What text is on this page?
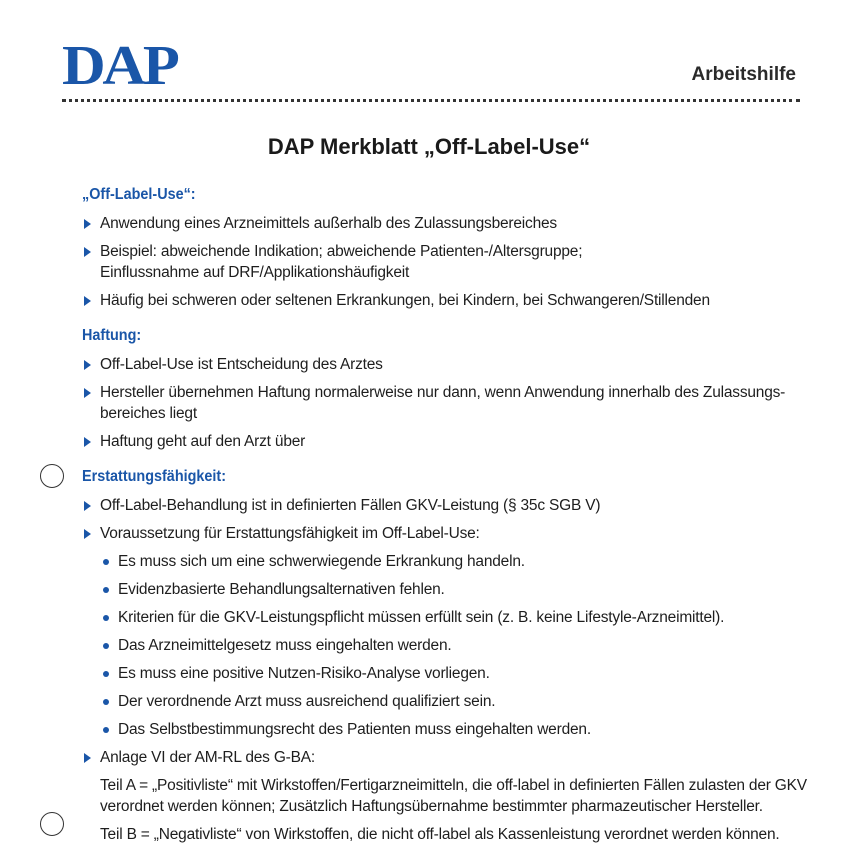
DAP	Arbeitshilfe
DAP Merkblatt „Off-Label-Use“
„Off-Label-Use“:
Anwendung eines Arzneimittels außerhalb des Zulassungsbereiches
Beispiel: abweichende Indikation; abweichende Patienten-/Altersgruppe;
Einflussnahme auf DRF/Applikationshäufigkeit
Häufig bei schweren oder seltenen Erkrankungen, bei Kindern, bei Schwangeren/Stillenden
Haftung:
Off-Label-Use ist Entscheidung des Arztes
Hersteller übernehmen Haftung normalerweise nur dann, wenn Anwendung innerhalb des Zulassungs-
bereiches liegt
Haftung geht auf den Arzt über
Erstattungsfähigkeit:
Off-Label-Behandlung ist in definierten Fällen GKV-Leistung (§ 35c SGB V)
Voraussetzung für Erstattungsfähigkeit im Off-Label-Use:
Es muss sich um eine schwerwiegende Erkrankung handeln.
Evidenzbasierte Behandlungsalternativen fehlen.
Kriterien für die GKV-Leistungspflicht müssen erfüllt sein (z. B. keine Lifestyle-Arzneimittel).
Das Arzneimittelgesetz muss eingehalten werden.
Es muss eine positive Nutzen-Risiko-Analyse vorliegen.
Der verordnende Arzt muss ausreichend qualifiziert sein.
Das Selbstbestimmungsrecht des Patienten muss eingehalten werden.
Anlage VI der AM-RL des G-BA:
Teil A = „Positivliste“ mit Wirkstoffen/Fertigarzneimitteln, die off-label in definierten Fällen zulasten der GKV verordnet werden können; Zusätzlich Haftungsübernahme bestimmter pharmazeutischer Hersteller.
Teil B = „Negativliste“ von Wirkstoffen, die nicht off-label als Kassenleistung verordnet werden können.
